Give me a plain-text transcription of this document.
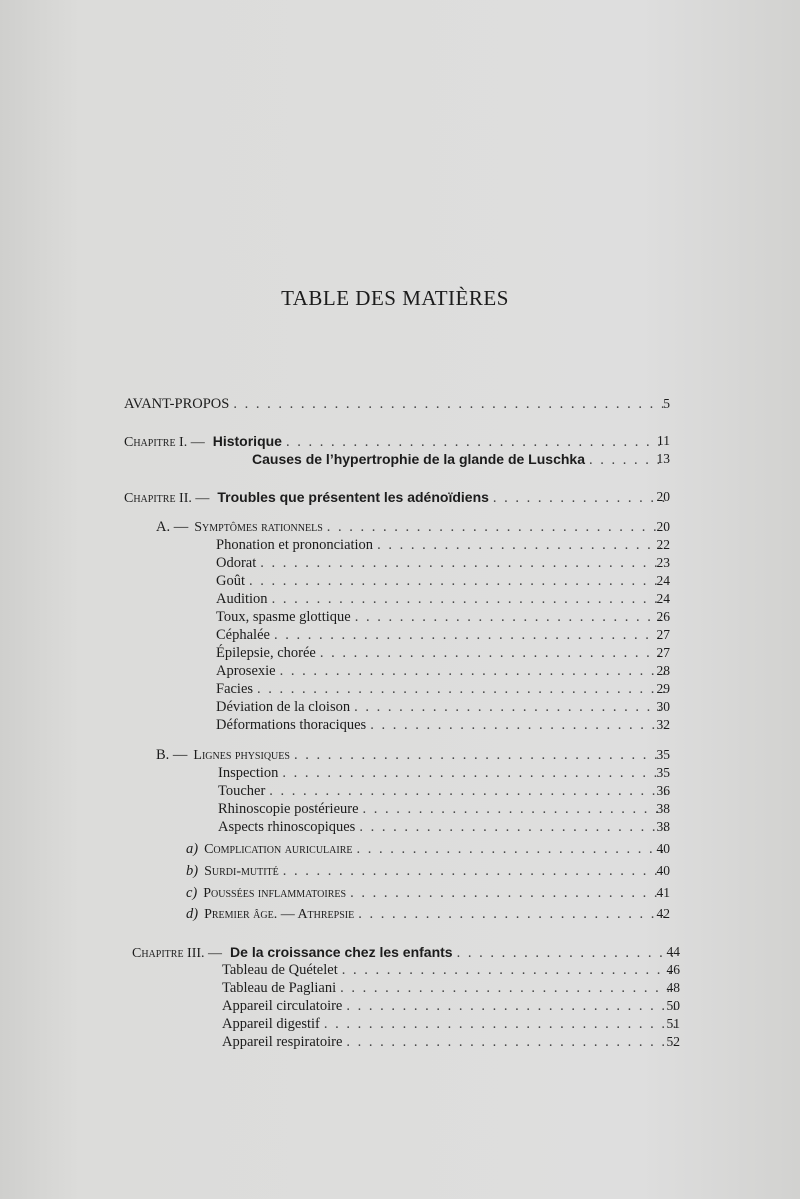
TABLE DES MATIÈRES
AVANT-PROPOS . . .	5
Chapitre I. — Historique . . .	11
Causes de l’hypertrophie de la glande de Luschka . . .	13
Chapitre II. — Troubles que présentent les adénoïdiens . . .	20
A. — Symptômes rationnels . . .	20
Phonation et prononciation . . .	22
Odorat . . .	23
Goût . . .	24
Audition . . .	24
Toux, spasme glottique . . .	26
Céphalée . . .	27
Épilepsie, chorée . . .	27
Aprosexie . . .	28
Facies . . .	29
Déviation de la cloison . . .	30
Déformations thoraciques . . .	32
B. — Lignes physiques . . .	35
Inspection . . .	35
Toucher . . .	36
Rhinoscopie postérieure . . .	38
Aspects rhinoscopiques . . .	38
a) Complication auriculaire . . .	40
b) Surdi-mutité . . .	40
c) Poussées inflammatoires . . .	41
d) Premier âge. — Athrepsie . . .	42
Chapitre III. — De la croissance chez les enfants . . .	44
Tableau de Quételet . . .	46
Tableau de Pagliani . . .	48
Appareil circulatoire . . .	50
Appareil digestif . . .	51
Appareil respiratoire . . .	52
